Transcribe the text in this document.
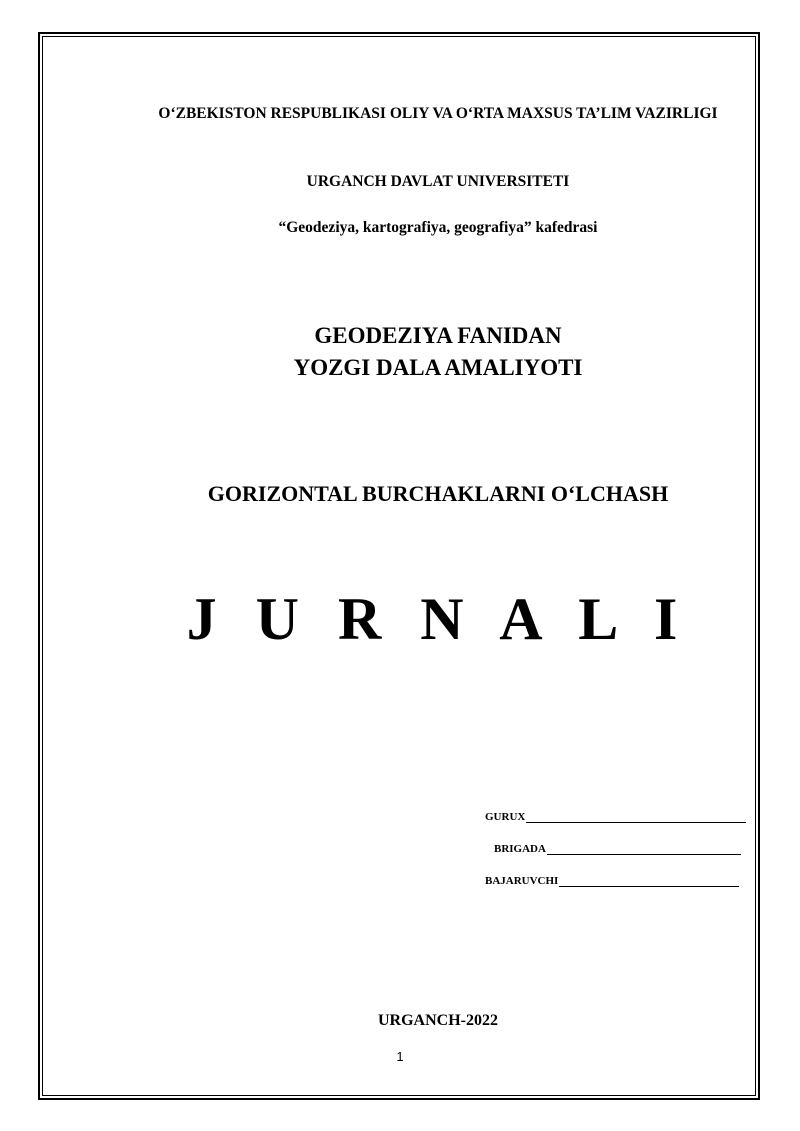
O‘ZBEKISTON RESPUBLIKASI OLIY VA O‘RTA MAXSUS TA’LIM VAZIRLIGI
URGANCH DAVLAT UNIVERSITETI
“Geodeziya, kartografiya, geografiya” kafedrasi
GEODEZIYA FANIDAN
YOZGI DALA AMALIYOTI
GORIZONTAL BURCHAKLARNI O‘LCHASH
J U R N A L I
GURUX
BRIGADA
BAJARUVCHI
URGANCH-2022
1
